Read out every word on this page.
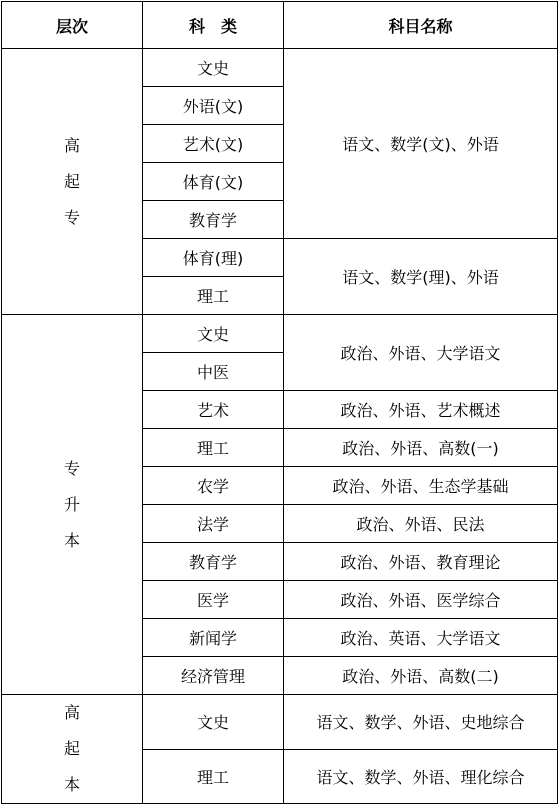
层次	科　类	科目名称
高起专	文史	语文、数学(文)、外语
	外语(文)	
	艺术(文)	
	体育(文)	
	教育学	
	体育(理)	语文、数学(理)、外语
	理工	
专升本	文史	政治、外语、大学语文
	中医	
	艺术	政治、外语、艺术概述
	理工	政治、外语、高数(一)
	农学	政治、外语、生态学基础
	法学	政治、外语、民法
	教育学	政治、外语、教育理论
	医学	政治、外语、医学综合
	新闻学	政治、英语、大学语文
	经济管理	政治、外语、高数(二)
高起本	文史	语文、数学、外语、史地综合
	理工	语文、数学、外语、理化综合
